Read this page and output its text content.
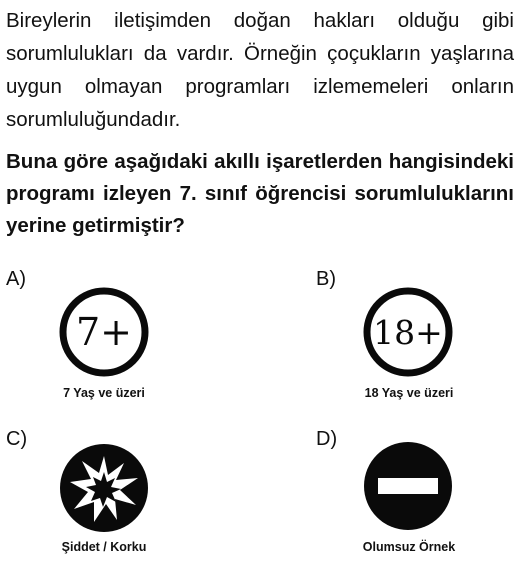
Bireylerin iletişimden doğan hakları olduğu gibi sorumlulukları da vardır. Örneğin çoçukların yaşlarına uygun olmayan programları izlememeleri onların sorumluluğundadır.

Buna göre aşağıdaki akıllı işaretlerden hangisindeki programı izleyen 7. sınıf öğrencisi sorumluluklarını yerine getirmiştir?

A)
7+
7 Yaş ve üzeri
B)
18+
18 Yaş ve üzeri
C)
Şiddet / Korku
D)
Olumsuz Örnek
